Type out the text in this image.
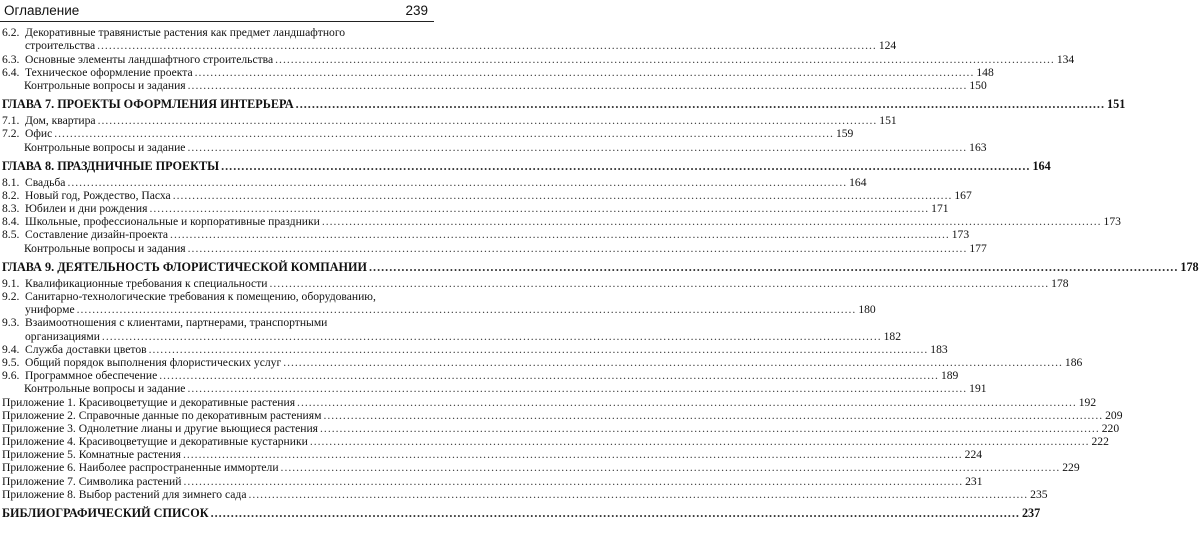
Оглавление	239
6.2. Декоративные травянистые растения как предмет ландшафтного
строительства ........................................................................................................................................................................................................ 124
6.3. Основные элементы ландшафтного строительства ........................................................................................................................................................................................................ 134
6.4. Техническое оформление проекта ........................................................................................................................................................................................................ 148
Контрольные вопросы и задания ........................................................................................................................................................................................................ 150
ГЛАВА 7. ПРОЕКТЫ ОФОРМЛЕНИЯ ИНТЕРЬЕРА ........................................................................................................................................................................................................ 151
7.1. Дом, квартира ........................................................................................................................................................................................................ 151
7.2. Офис ........................................................................................................................................................................................................ 159
Контрольные вопросы и задание ........................................................................................................................................................................................................ 163
ГЛАВА 8. ПРАЗДНИЧНЫЕ ПРОЕКТЫ ........................................................................................................................................................................................................ 164
8.1. Свадьба ........................................................................................................................................................................................................ 164
8.2. Новый год, Рождество, Пасха ........................................................................................................................................................................................................ 167
8.3. Юбилеи и дни рождения ........................................................................................................................................................................................................ 171
8.4. Школьные, профессиональные и корпоративные праздники ........................................................................................................................................................................................................ 173
8.5. Составление дизайн-проекта ........................................................................................................................................................................................................ 173
Контрольные вопросы и задания ........................................................................................................................................................................................................ 177
ГЛАВА 9. ДЕЯТЕЛЬНОСТЬ ФЛОРИСТИЧЕСКОЙ КОМПАНИИ ........................................................................................................................................................................................................ 178
9.1. Квалификационные требования к специальности ........................................................................................................................................................................................................ 178
9.2. Санитарно-технологические требования к помещению, оборудованию,
униформе ........................................................................................................................................................................................................ 180
9.3. Взаимоотношения с клиентами, партнерами, транспортными
организациями ........................................................................................................................................................................................................ 182
9.4. Служба доставки цветов ........................................................................................................................................................................................................ 183
9.5. Общий порядок выполнения флористических услуг ........................................................................................................................................................................................................ 186
9.6. Программное обеспечение ........................................................................................................................................................................................................ 189
Контрольные вопросы и задание ........................................................................................................................................................................................................ 191
Приложение 1. Красивоцветущие и декоративные растения ........................................................................................................................................................................................................ 192
Приложение 2. Справочные данные по декоративным растениям ........................................................................................................................................................................................................ 209
Приложение 3. Однолетние лианы и другие вьющиеся растения ........................................................................................................................................................................................................ 220
Приложение 4. Красивоцветущие и декоративные кустарники ........................................................................................................................................................................................................ 222
Приложение 5. Комнатные растения ........................................................................................................................................................................................................ 224
Приложение 6. Наиболее распространенные иммортели ........................................................................................................................................................................................................ 229
Приложение 7. Символика растений ........................................................................................................................................................................................................ 231
Приложение 8. Выбор растений для зимнего сада ........................................................................................................................................................................................................ 235
БИБЛИОГРАФИЧЕСКИЙ СПИСОК ........................................................................................................................................................................................................ 237
